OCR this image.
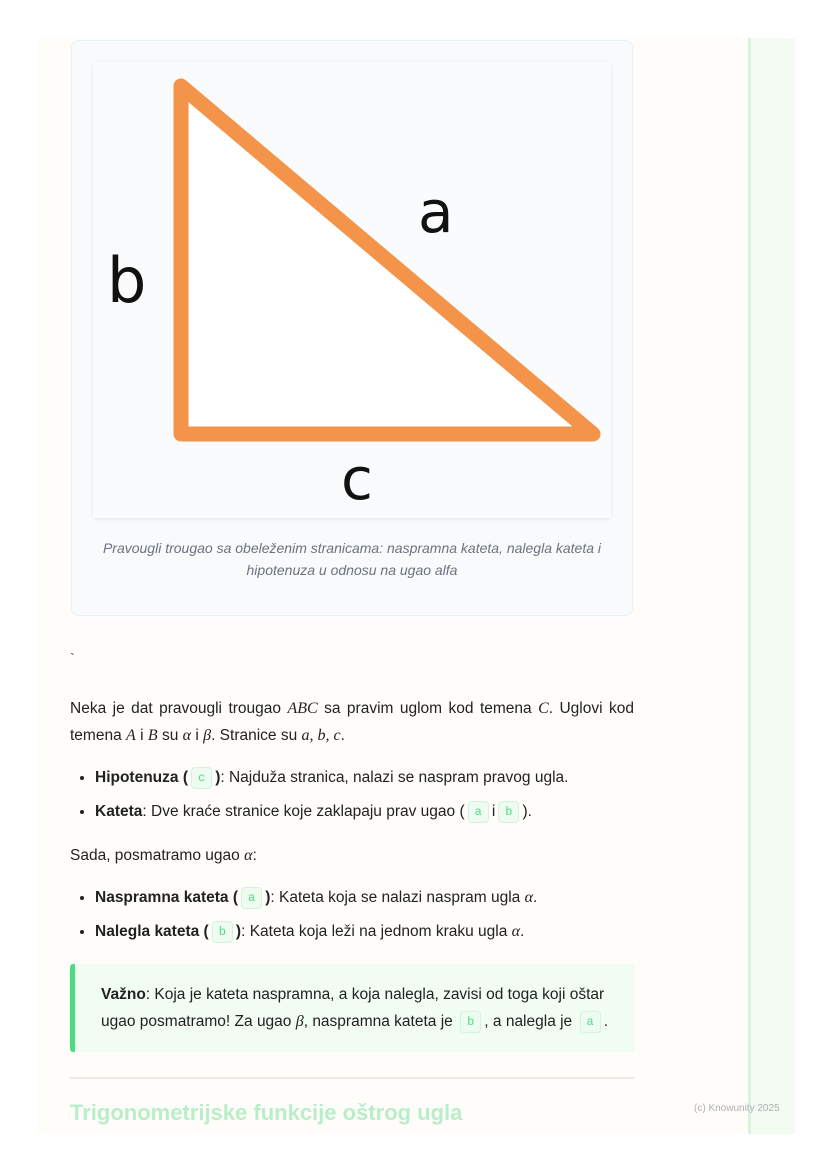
a
b
c
Pravougli trougao sa obeleženim stranicama: naspramna kateta, nalegla kateta i hipotenuza u odnosu na ugao alfa
`
Neka je dat pravougli trougao ABC sa pravim uglom kod temena C. Uglovi kod temena A i B su α i β. Stranice su a, b, c.
• Hipotenuza ( c ): Najduža stranica, nalazi se naspram pravog ugla.
• Kateta: Dve kraće stranice koje zaklapaju prav ugao ( a i b ).
Sada, posmatramo ugao α:
• Naspramna kateta ( a ): Kateta koja se nalazi naspram ugla α.
• Nalegla kateta ( b ): Kateta koja leži na jednom kraku ugla α.
Važno: Koja je kateta naspramna, a koja nalegla, zavisi od toga koji oštar ugao posmatramo! Za ugao β, naspramna kateta je b , a nalegla je a .
Trigonometrijske funkcije oštrog ugla	(c) Knowunity 2025
